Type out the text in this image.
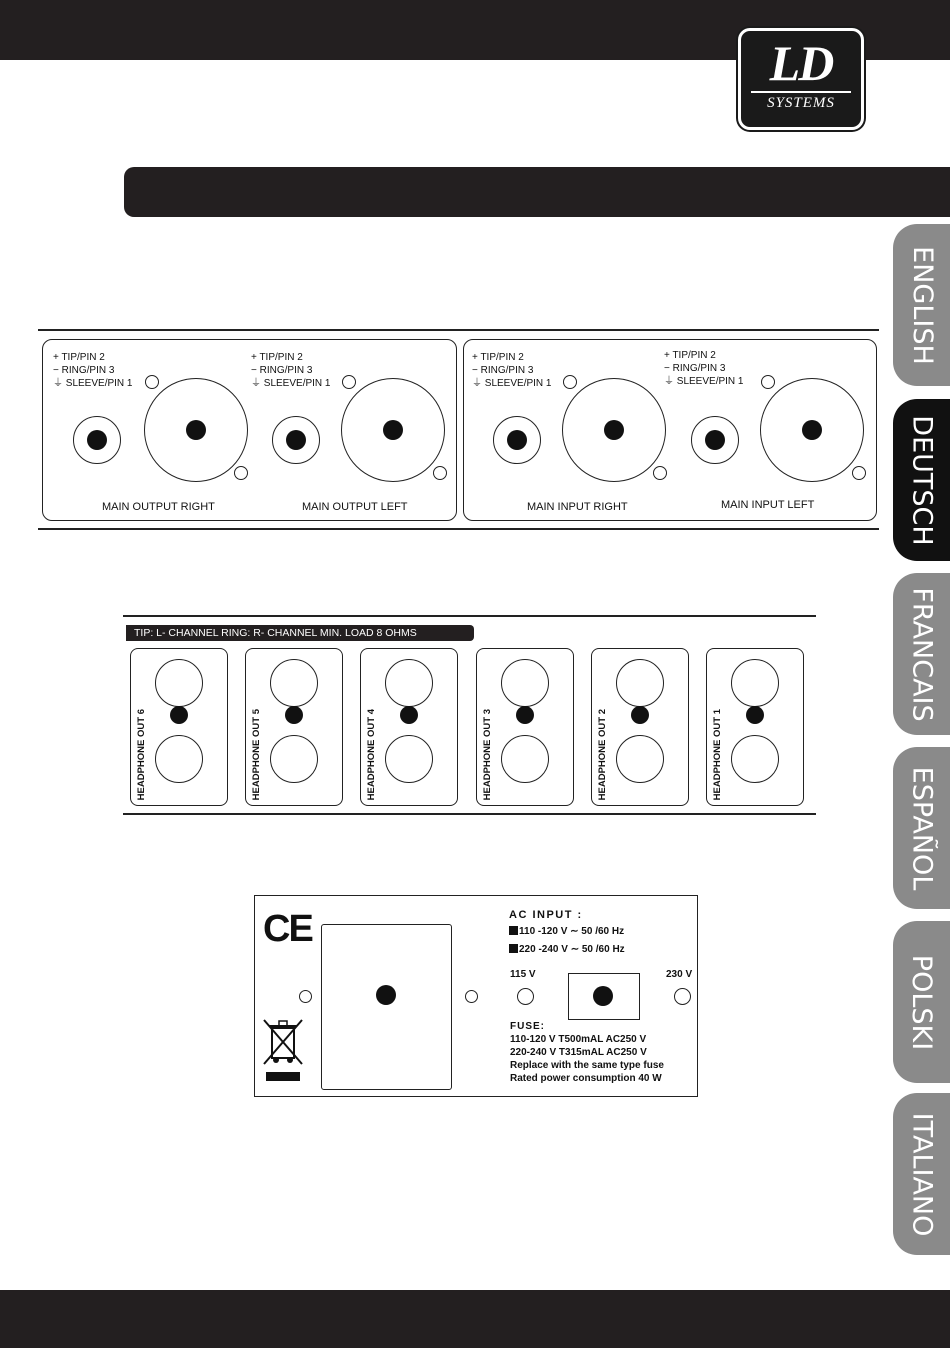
LD
SYSTEMS
ENGLISH
DEUTSCH
FRANCAIS
ESPAÑOL
POLSKI
ITALIANO
+ TIP/PIN 2
− RING/PIN 3
⏚ SLEEVE/PIN 1
MAIN OUTPUT RIGHT
+ TIP/PIN 2
− RING/PIN 3
⏚ SLEEVE/PIN 1
MAIN OUTPUT LEFT
+ TIP/PIN 2
− RING/PIN 3
⏚ SLEEVE/PIN 1
MAIN INPUT RIGHT
+ TIP/PIN 2
− RING/PIN 3
⏚ SLEEVE/PIN 1
MAIN INPUT LEFT
TIP: L- CHANNEL RING: R- CHANNEL MIN. LOAD 8 OHMS
HEADPHONE OUT 6	HEADPHONE OUT 5	HEADPHONE OUT 4	HEADPHONE OUT 3	HEADPHONE OUT 2	HEADPHONE OUT 1
CE	AC INPUT :
110 -120 V ∼ 50 /60 Hz
220 -240 V ∼ 50 /60 Hz
115 V	230 V
FUSE:
110-120 V T500mAL AC250 V
220-240 V T315mAL AC250 V
Replace with the same type fuse
Rated power consumption 40 W
